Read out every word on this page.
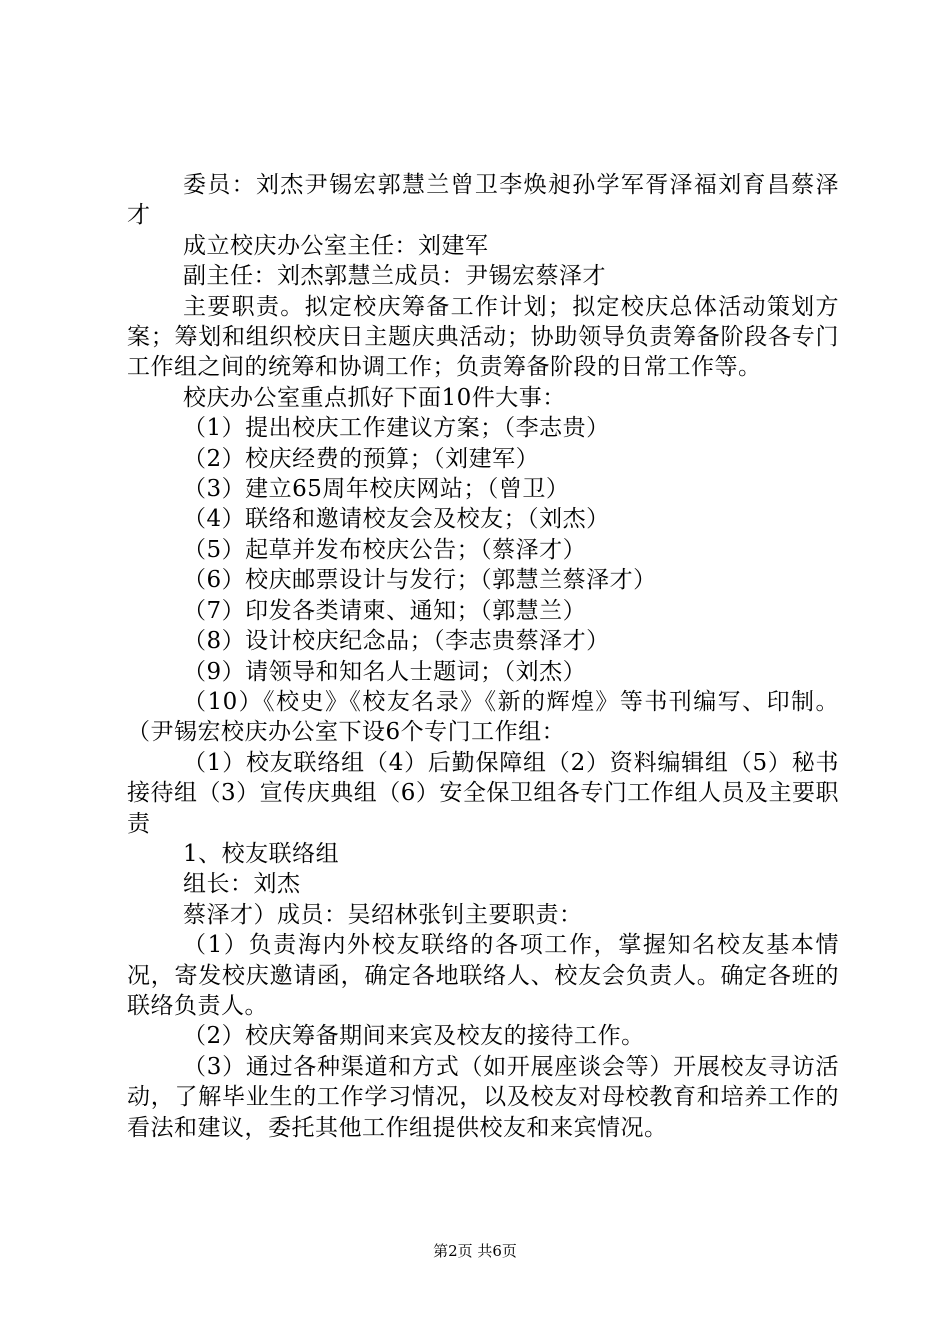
委员：刘杰尹锡宏郭慧兰曾卫李焕昶孙学军胥泽福刘育昌蔡泽才

成立校庆办公室主任：刘建军

副主任：刘杰郭慧兰成员：尹锡宏蔡泽才

主要职责。拟定校庆筹备工作计划；拟定校庆总体活动策划方案；筹划和组织校庆日主题庆典活动；协助领导负责筹备阶段各专门工作组之间的统筹和协调工作；负责筹备阶段的日常工作等。

校庆办公室重点抓好下面10件大事：

（1）提出校庆工作建议方案；（李志贵）

（2）校庆经费的预算；（刘建军）

（3）建立65周年校庆网站；（曾卫）

（4）联络和邀请校友会及校友；（刘杰）

（5）起草并发布校庆公告；（蔡泽才）

（6）校庆邮票设计与发行；（郭慧兰蔡泽才）

（7）印发各类请柬、通知；（郭慧兰）

（8）设计校庆纪念品；（李志贵蔡泽才）

（9）请领导和知名人士题词；（刘杰）

（10）《校史》《校友名录》《新的辉煌》等书刊编写、印制。（尹锡宏校庆办公室下设6个专门工作组：

（1）校友联络组（4）后勤保障组（2）资料编辑组（5）秘书接待组（3）宣传庆典组（6）安全保卫组各专门工作组人员及主要职责

1、校友联络组

组长：刘杰

蔡泽才）成员：吴绍林张钊主要职责：

（1）负责海内外校友联络的各项工作，掌握知名校友基本情况，寄发校庆邀请函，确定各地联络人、校友会负责人。确定各班的联络负责人。

（2）校庆筹备期间来宾及校友的接待工作。

（3）通过各种渠道和方式（如开展座谈会等）开展校友寻访活动，了解毕业生的工作学习情况，以及校友对母校教育和培养工作的看法和建议，委托其他工作组提供校友和来宾情况。

第2页 共6页
